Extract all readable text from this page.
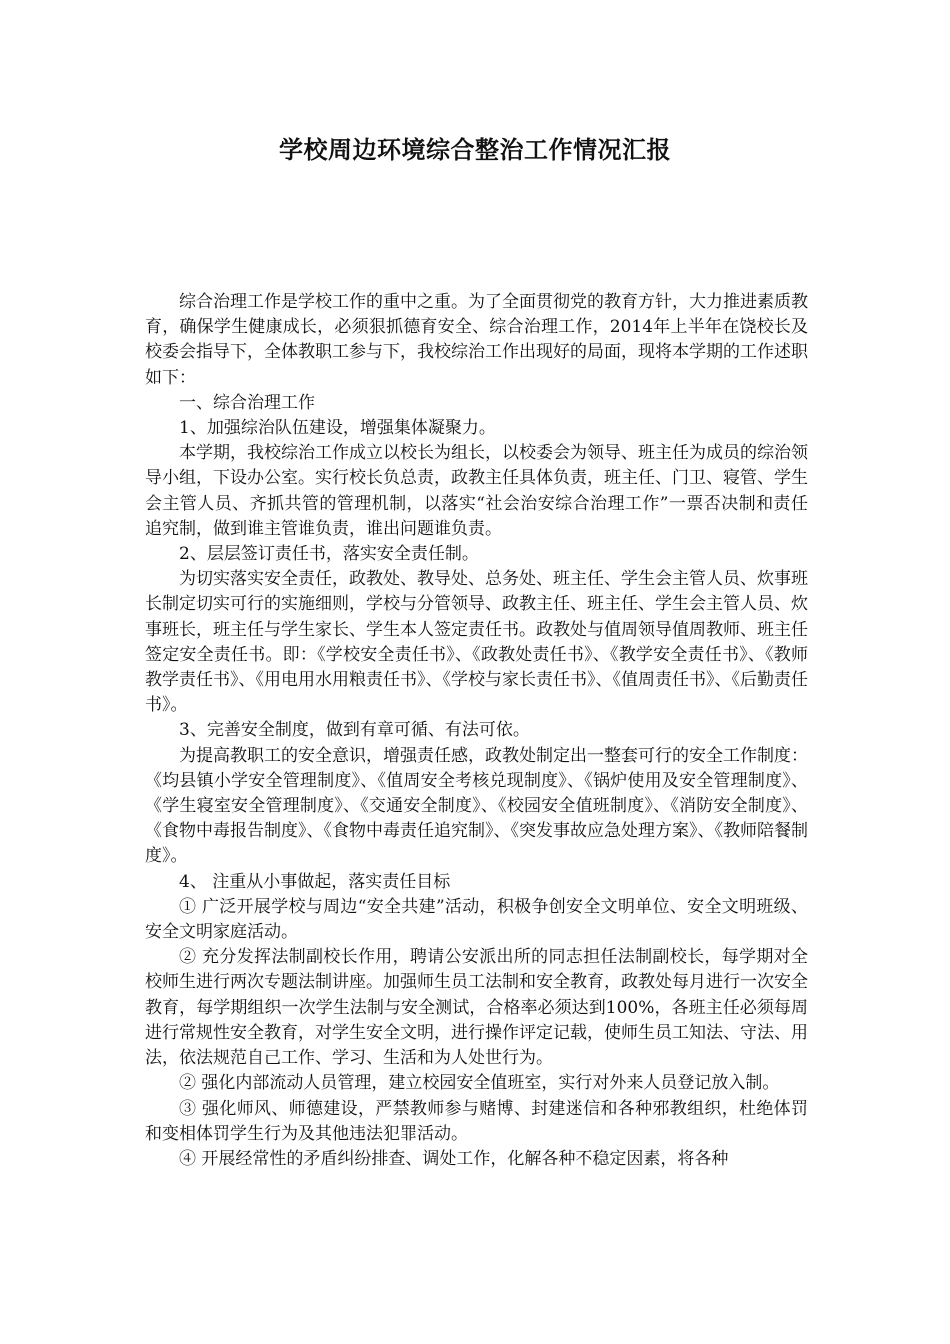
学校周边环境综合整治工作情况汇报

综合治理工作是学校工作的重中之重。为了全面贯彻党的教育方针，大力推进素质教育，确保学生健康成长，必须狠抓德育安全、综合治理工作，2014年上半年在饶校长及校委会指导下，全体教职工参与下，我校综治工作出现好的局面，现将本学期的工作述职如下：

一、综合治理工作

1、加强综治队伍建设，增强集体凝聚力。

本学期，我校综治工作成立以校长为组长，以校委会为领导、班主任为成员的综治领导小组，下设办公室。实行校长负总责，政教主任具体负责，班主任、门卫、寝管、学生会主管人员、齐抓共管的管理机制，以落实“社会治安综合治理工作”一票否决制和责任追究制，做到谁主管谁负责，谁出问题谁负责。

2、层层签订责任书，落实安全责任制。

为切实落实安全责任，政教处、教导处、总务处、班主任、学生会主管人员、炊事班长制定切实可行的实施细则，学校与分管领导、政教主任、班主任、学生会主管人员、炊事班长，班主任与学生家长、学生本人签定责任书。政教处与值周领导值周教师、班主任签定安全责任书。即：《学校安全责任书》、《政教处责任书》、《教学安全责任书》、《教师教学责任书》、《用电用水用粮责任书》、《学校与家长责任书》、《值周责任书》、《后勤责任书》。

3、完善安全制度，做到有章可循、有法可依。

为提高教职工的安全意识，增强责任感，政教处制定出一整套可行的安全工作制度：《均县镇小学安全管理制度》、《值周安全考核兑现制度》、《锅炉使用及安全管理制度》、《学生寝室安全管理制度》、《交通安全制度》、《校园安全值班制度》、《消防安全制度》、《食物中毒报告制度》、《食物中毒责任追究制》、《突发事故应急处理方案》、《教师陪餐制度》。

4、 注重从小事做起，落实责任目标

① 广泛开展学校与周边“安全共建”活动，积极争创安全文明单位、安全文明班级、安全文明家庭活动。

② 充分发挥法制副校长作用，聘请公安派出所的同志担任法制副校长，每学期对全校师生进行两次专题法制讲座。加强师生员工法制和安全教育，政教处每月进行一次安全教育，每学期组织一次学生法制与安全测试，合格率必须达到100%，各班主任必须每周进行常规性安全教育，对学生安全文明，进行操作评定记载，使师生员工知法、守法、用法，依法规范自己工作、学习、生活和为人处世行为。

② 强化内部流动人员管理，建立校园安全值班室，实行对外来人员登记放入制。

③ 强化师风、师德建设，严禁教师参与赌博、封建迷信和各种邪教组织，杜绝体罚和变相体罚学生行为及其他违法犯罪活动。

④ 开展经常性的矛盾纠纷排查、调处工作，化解各种不稳定因素，将各种
